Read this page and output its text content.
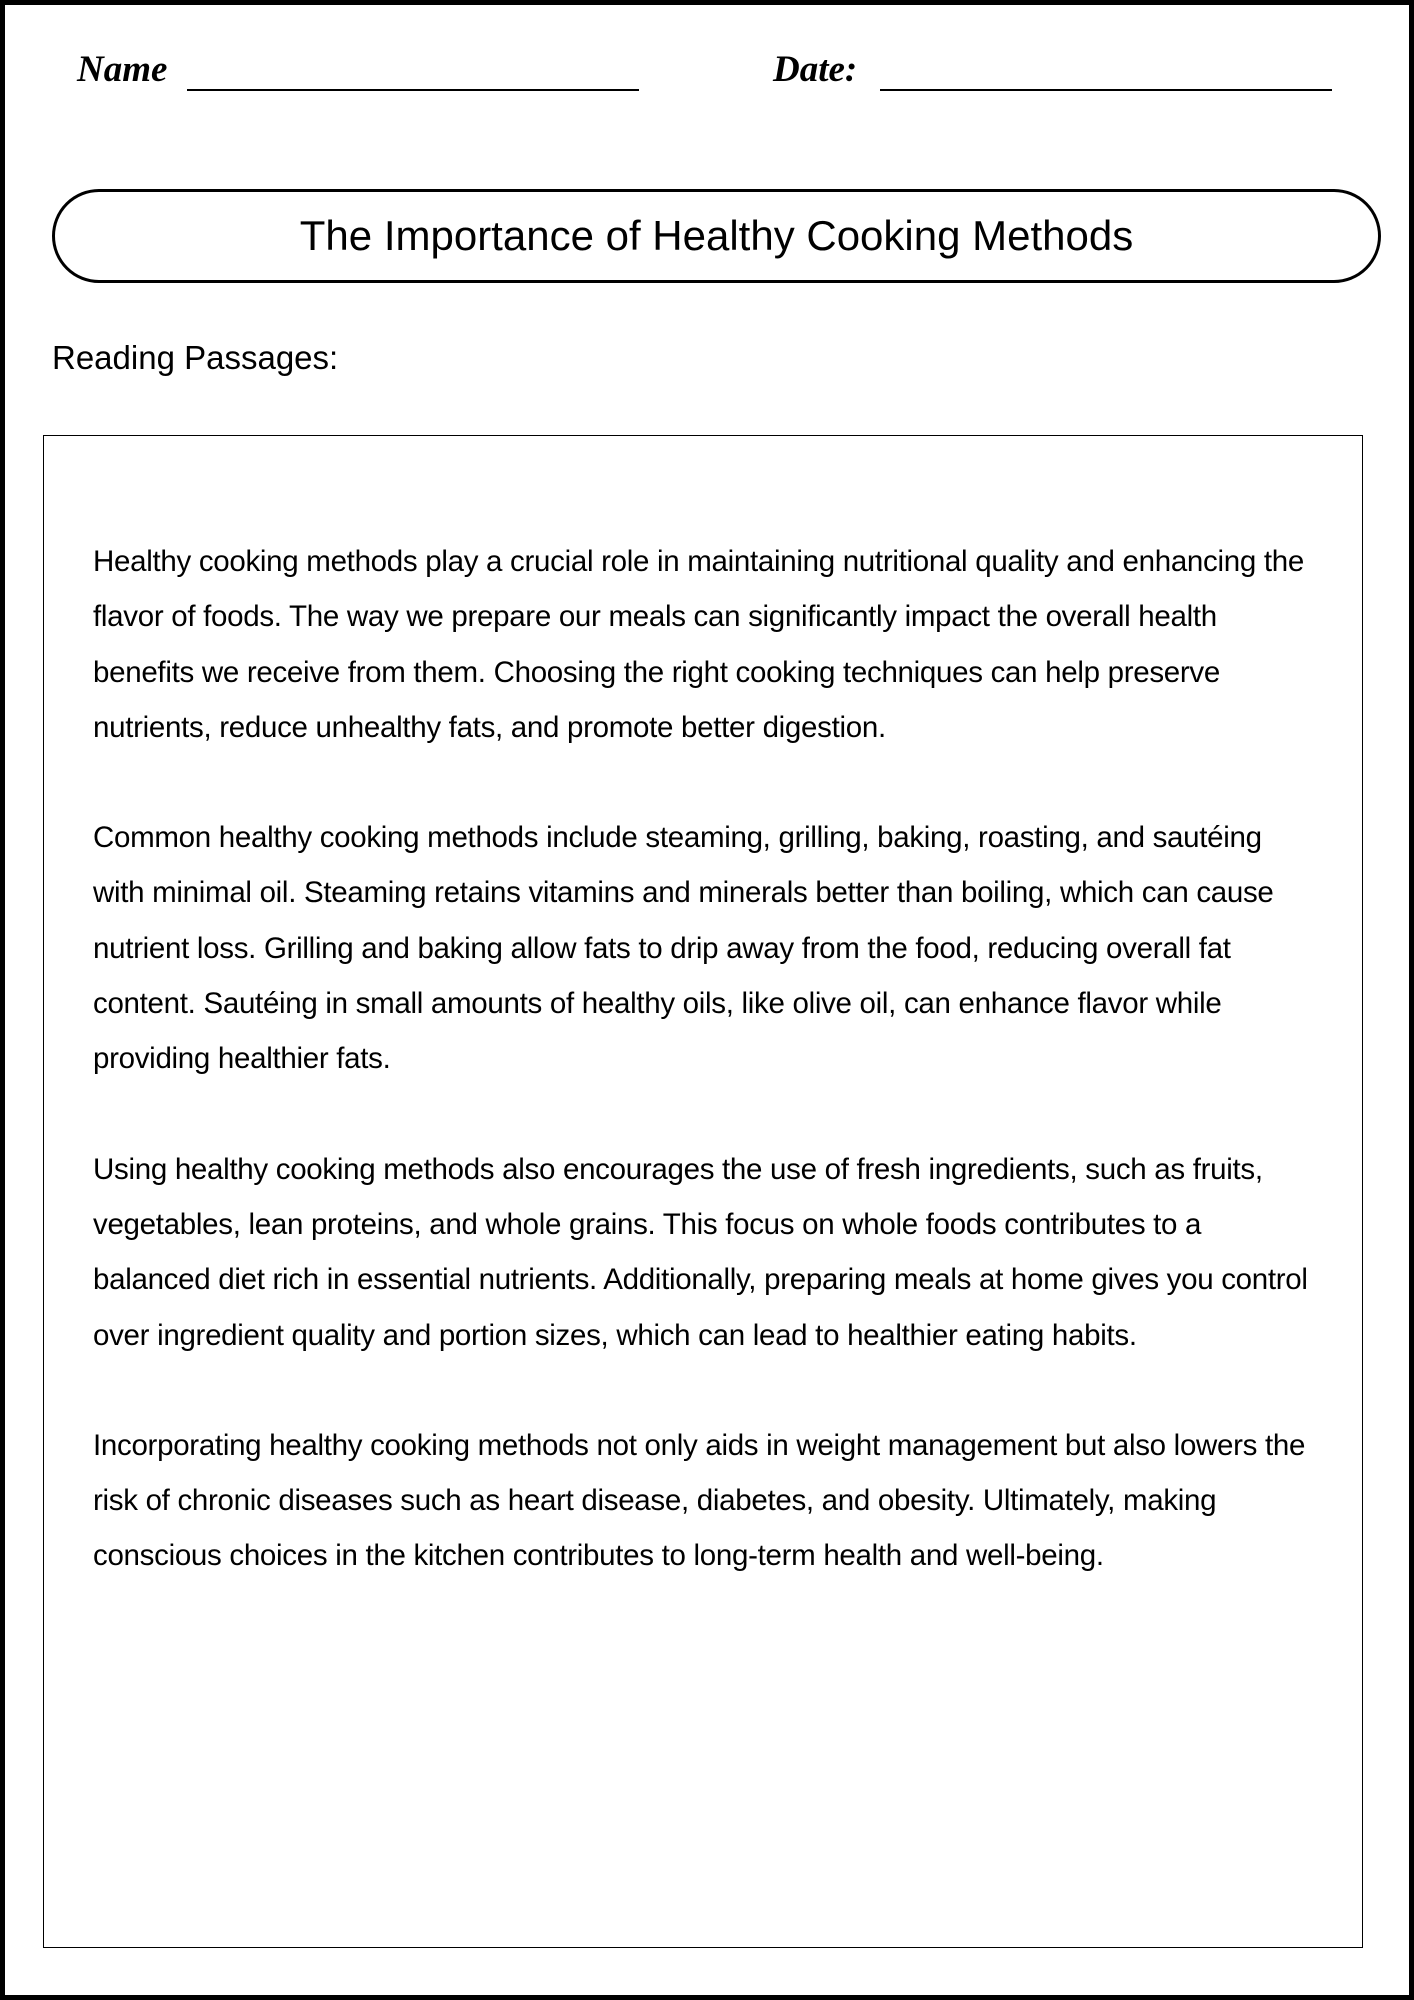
Name	Date:
The Importance of Healthy Cooking Methods
Reading Passages:

Healthy cooking methods play a crucial role in maintaining nutritional quality and enhancing the flavor of foods. The way we prepare our meals can significantly impact the overall health benefits we receive from them. Choosing the right cooking techniques can help preserve nutrients, reduce unhealthy fats, and promote better digestion.

Common healthy cooking methods include steaming, grilling, baking, roasting, and sautéing with minimal oil. Steaming retains vitamins and minerals better than boiling, which can cause nutrient loss. Grilling and baking allow fats to drip away from the food, reducing overall fat content. Sautéing in small amounts of healthy oils, like olive oil, can enhance flavor while providing healthier fats.

Using healthy cooking methods also encourages the use of fresh ingredients, such as fruits, vegetables, lean proteins, and whole grains. This focus on whole foods contributes to a balanced diet rich in essential nutrients. Additionally, preparing meals at home gives you control over ingredient quality and portion sizes, which can lead to healthier eating habits.

Incorporating healthy cooking methods not only aids in weight management but also lowers the risk of chronic diseases such as heart disease, diabetes, and obesity. Ultimately, making conscious choices in the kitchen contributes to long-term health and well-being.
